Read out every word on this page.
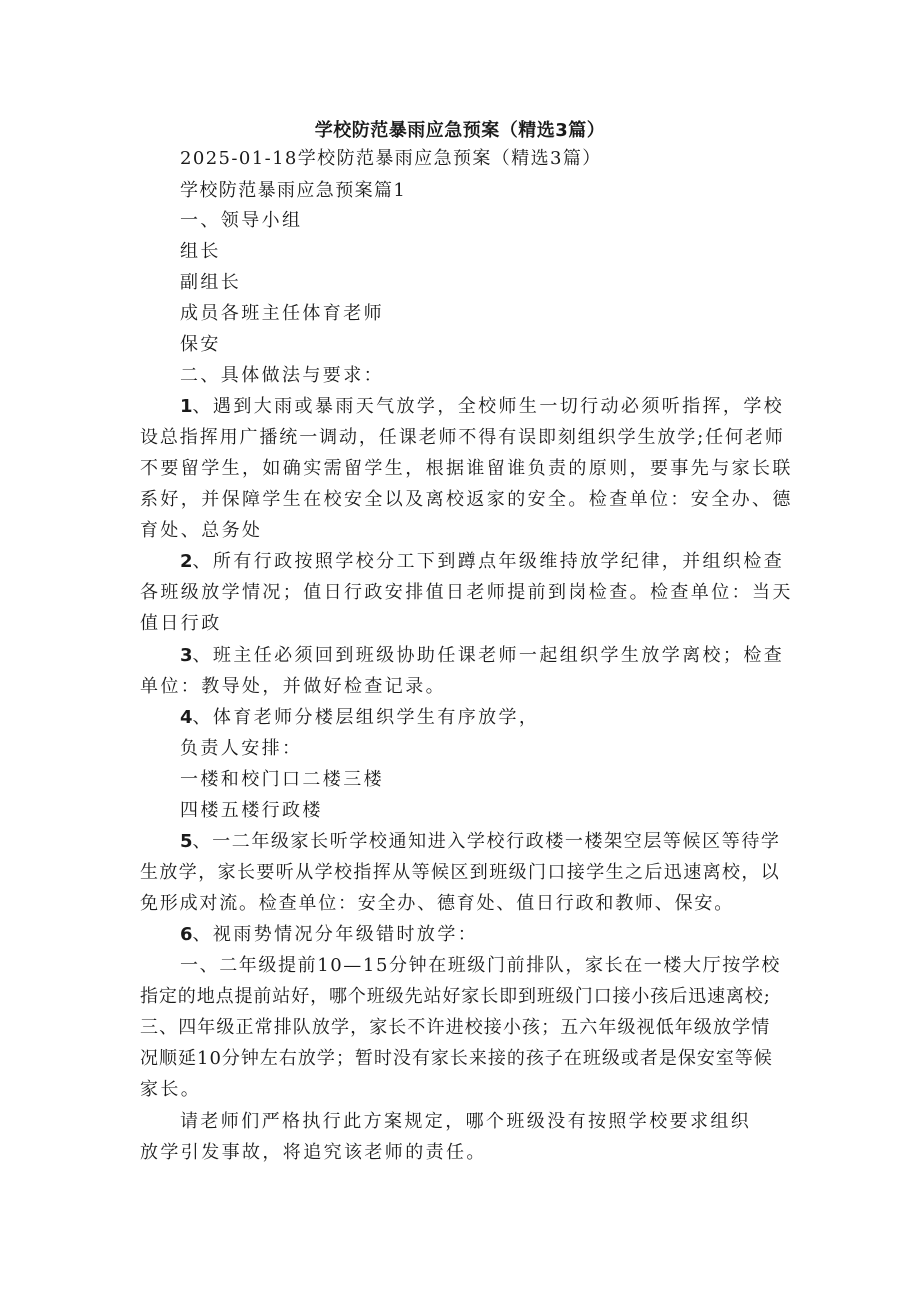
学校防范暴雨应急预案（精选3篇）
2025-01-18学校防范暴雨应急预案（精选3篇）
学校防范暴雨应急预案篇1
一、领导小组
组长
副组长
成员各班主任体育老师
保安
二、具体做法与要求：
1、遇到大雨或暴雨天气放学，全校师生一切行动必须听指挥，学校
设总指挥用广播统一调动，任课老师不得有误即刻组织学生放学;任何老师
不要留学生，如确实需留学生，根据谁留谁负责的原则，要事先与家长联
系好，并保障学生在校安全以及离校返家的安全。检查单位：安全办、德
育处、总务处
2、所有行政按照学校分工下到蹲点年级维持放学纪律，并组织检查
各班级放学情况；值日行政安排值日老师提前到岗检查。检查单位：当天
值日行政
3、班主任必须回到班级协助任课老师一起组织学生放学离校；检查
单位：教导处，并做好检查记录。
4、体育老师分楼层组织学生有序放学，
负责人安排：
一楼和校门口二楼三楼
四楼五楼行政楼
5、一二年级家长听学校通知进入学校行政楼一楼架空层等候区等待学
生放学，家长要听从学校指挥从等候区到班级门口接学生之后迅速离校，以
免形成对流。检查单位：安全办、德育处、值日行政和教师、保安。
6、视雨势情况分年级错时放学：
一、二年级提前10—15分钟在班级门前排队，家长在一楼大厅按学校
指定的地点提前站好，哪个班级先站好家长即到班级门口接小孩后迅速离校;
三、四年级正常排队放学，家长不许进校接小孩；五六年级视低年级放学情
况顺延10分钟左右放学；暂时没有家长来接的孩子在班级或者是保安室等候
家长。
请老师们严格执行此方案规定，哪个班级没有按照学校要求组织
放学引发事故，将追究该老师的责任。
